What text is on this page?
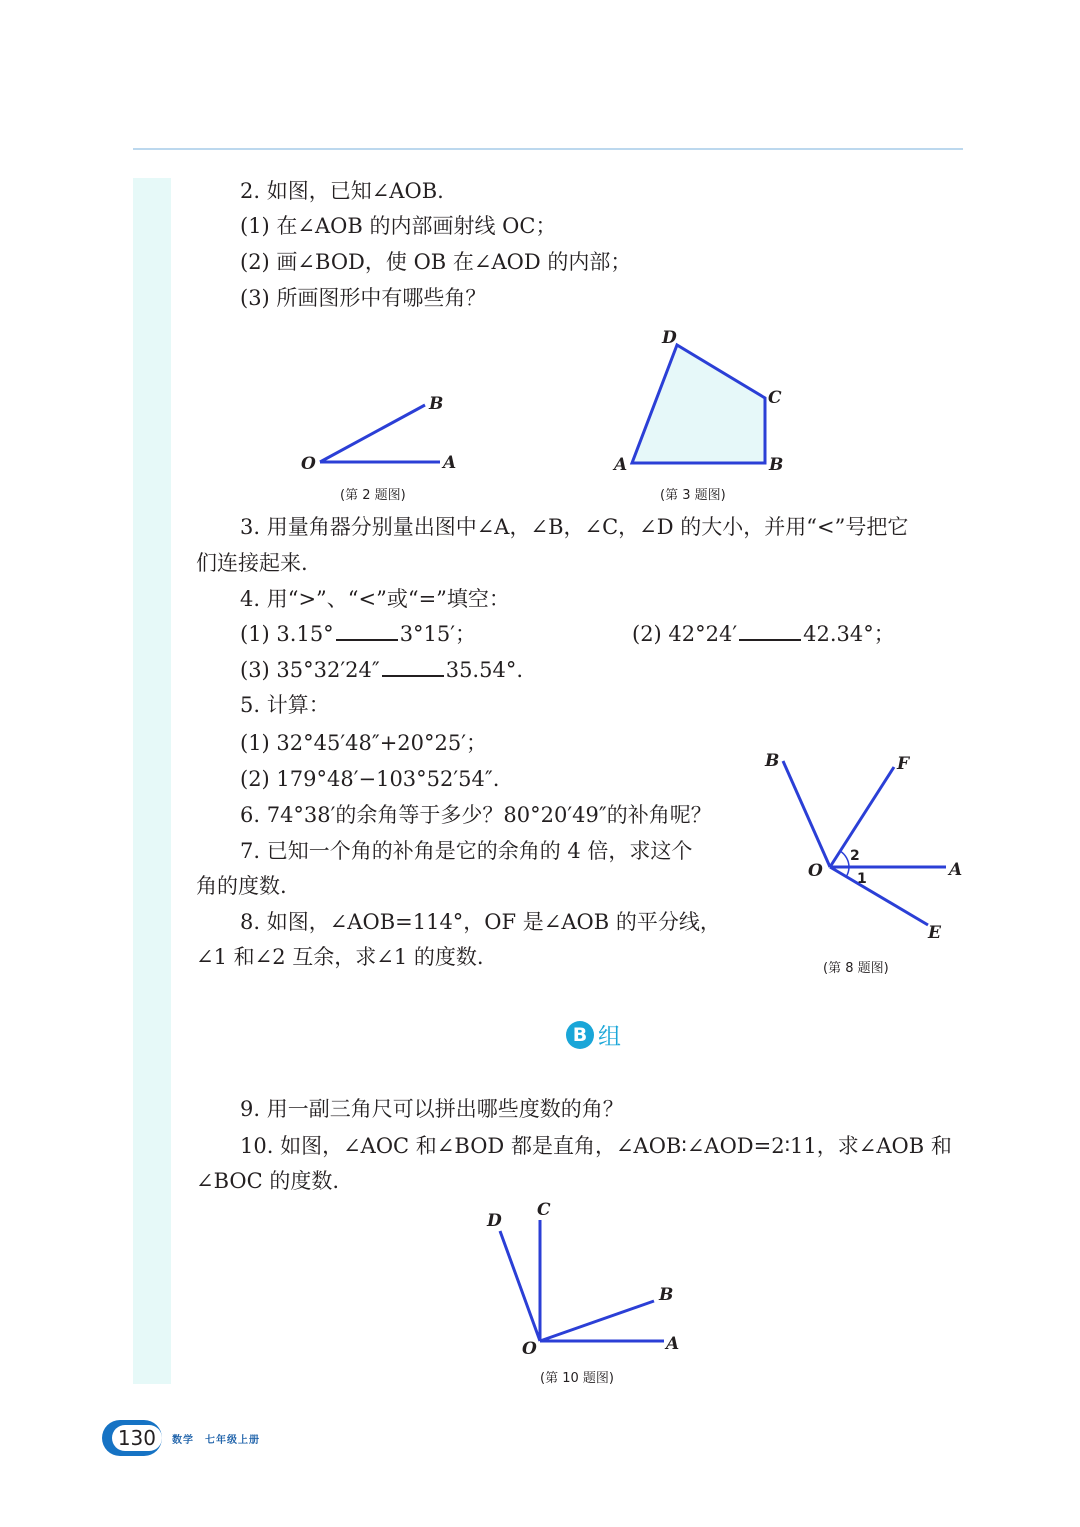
2. 如图，已知∠AOB.
(1) 在∠AOB 的内部画射线 OC；
(2) 画∠BOD，使 OB 在∠AOD 的内部；
(3) 所画图形中有哪些角？
O	A
B
(第 2 题图)
A	B
C
D
(第 3 题图)
3. 用量角器分别量出图中∠A，∠B，∠C，∠D 的大小，并用“<”号把它
们连接起来.
4. 用“>”、“<”或“=”填空：
(1) 3.15°	3°15′；	(2) 42°24′	42.34°；
(3) 35°32′24″	35.54°.
5. 计算：
(1) 32°45′48″+20°25′；
(2) 179°48′−103°52′54″.
6. 74°38′的余角等于多少？80°20′49″的补角呢？
7. 已知一个角的补角是它的余角的 4 倍，求这个
角的度数.
8. 如图，∠AOB=114°，OF 是∠AOB 的平分线，
∠1 和∠2 互余，求∠1 的度数.
O	A
B	F
E
2
1
(第 8 题图)
B 组
9. 用一副三角尺可以拼出哪些度数的角？
10. 如图，∠AOC 和∠BOD 都是直角，∠AOB∶∠AOD=2∶11，求∠AOB 和
∠BOC 的度数.
O	A
B
C
D
(第 10 题图)
130	数学　七年级上册
